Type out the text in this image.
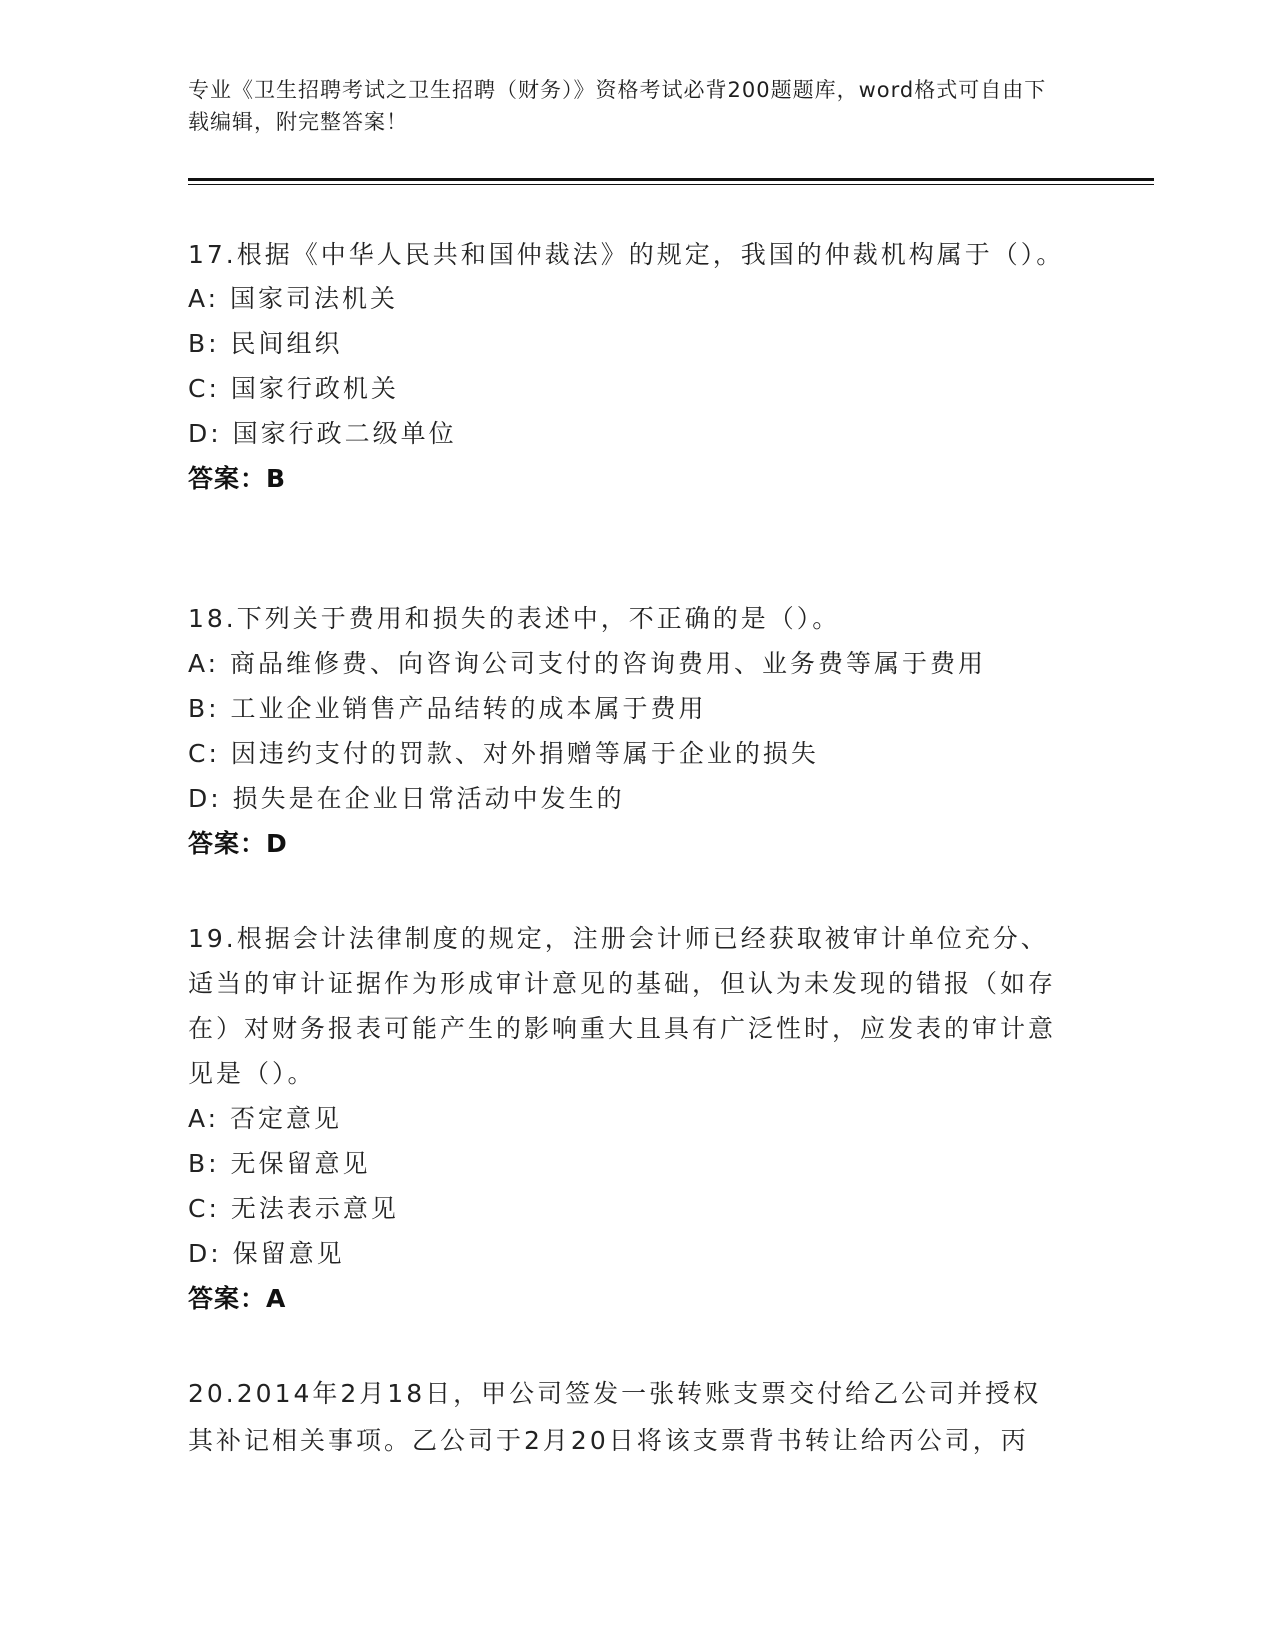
专业《卫生招聘考试之卫生招聘（财务）》资格考试必背200题题库，word格式可自由下载编辑，附完整答案！

17.根据《中华人民共和国仲裁法》的规定，我国的仲裁机构属于（）。

A: 国家司法机关

B: 民间组织

C: 国家行政机关

D: 国家行政二级单位

答案：B

18.下列关于费用和损失的表述中，不正确的是（）。

A: 商品维修费、向咨询公司支付的咨询费用、业务费等属于费用

B: 工业企业销售产品结转的成本属于费用

C: 因违约支付的罚款、对外捐赠等属于企业的损失

D: 损失是在企业日常活动中发生的

答案：D

19.根据会计法律制度的规定，注册会计师已经获取被审计单位充分、适当的审计证据作为形成审计意见的基础，但认为未发现的错报（如存在）对财务报表可能产生的影响重大且具有广泛性时，应发表的审计意见是（）。

A: 否定意见

B: 无保留意见

C: 无法表示意见

D: 保留意见

答案：A

20.2014年2月18日，甲公司签发一张转账支票交付给乙公司并授权其补记相关事项。乙公司于2月20日将该支票背书转让给丙公司，丙
